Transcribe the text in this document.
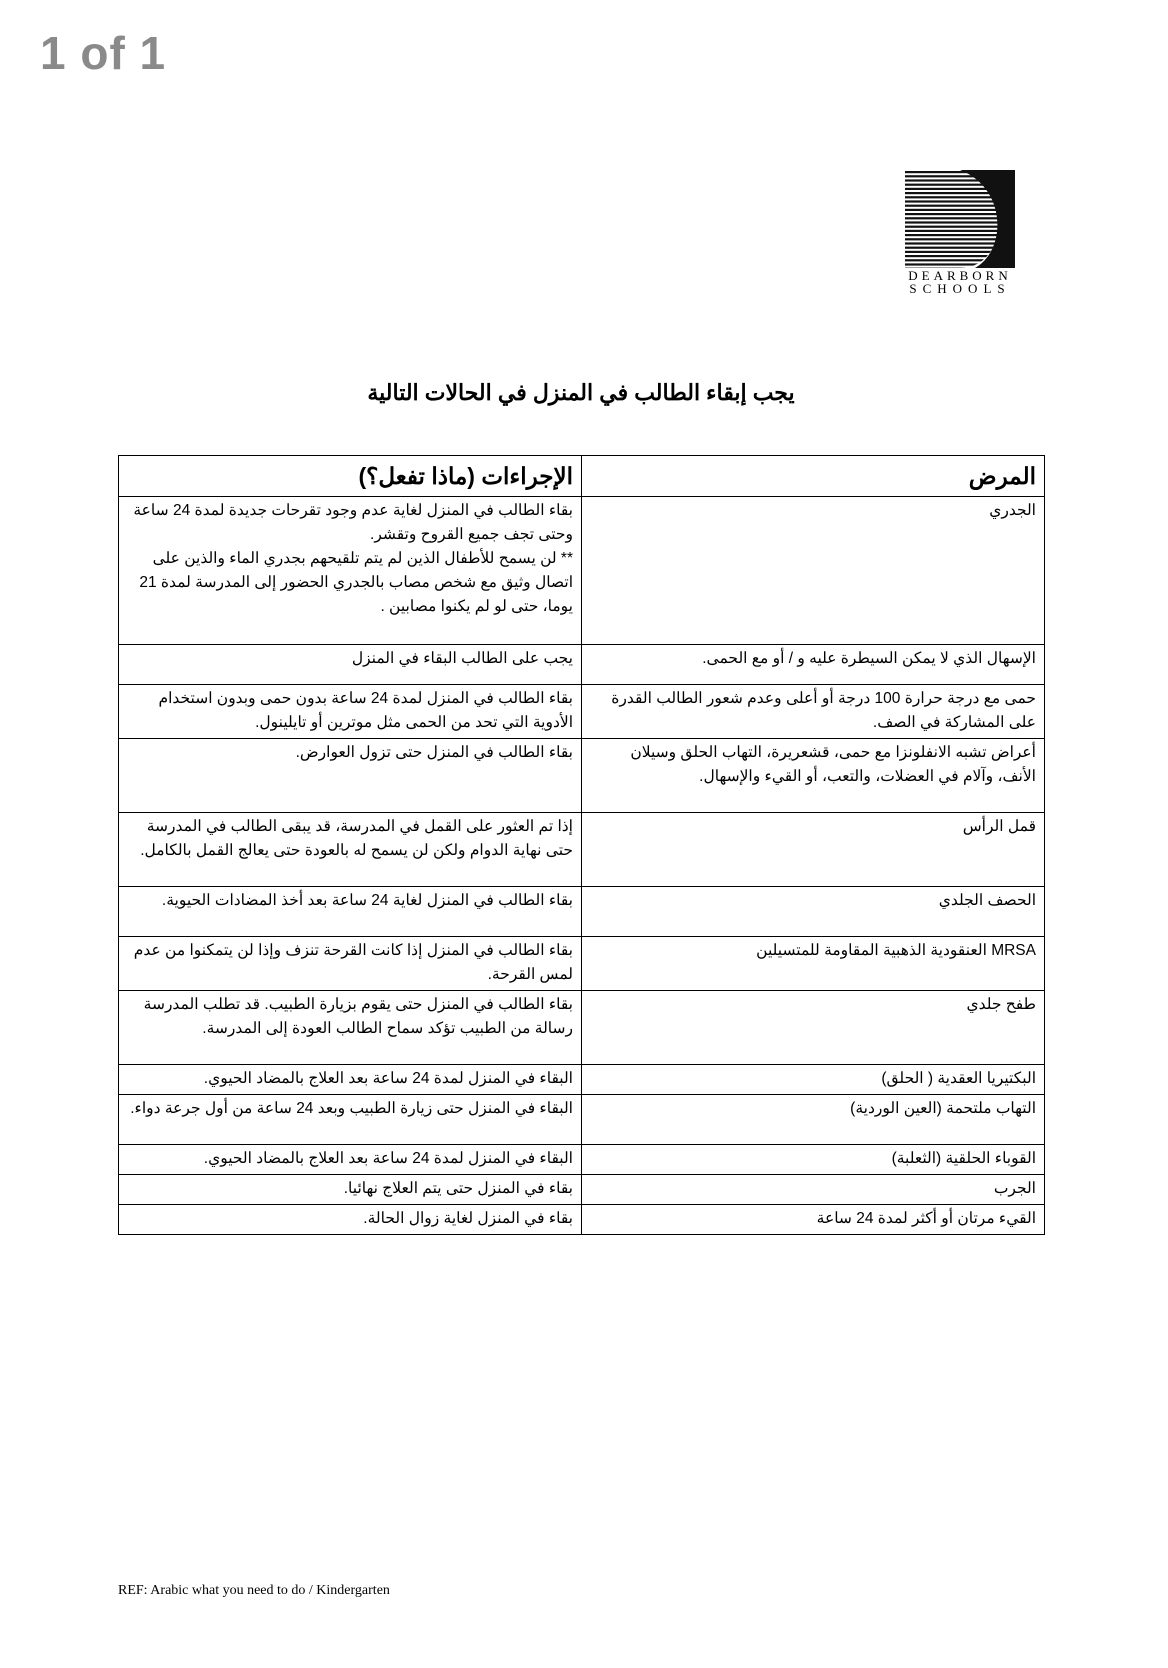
1 of 1
DEARBORN
SCHOOLS
يجب إبقاء الطالب في المنزل في الحالات التالية
المرض	الإجراءات (ماذا تفعل؟)
الجدري	بقاء الطالب في المنزل لغاية عدم وجود تقرحات جديدة لمدة 24 ساعة وحتى تجف جميع القروح وتقشر.
** لن يسمح للأطفال الذين لم يتم تلقيحهم بجدري الماء والذين على اتصال وثيق مع شخص مصاب بالجدري الحضور إلى المدرسة لمدة 21 يوما، حتى لو لم يكنوا مصابين .
الإسهال الذي لا يمكن السيطرة عليه و / أو مع الحمى.	يجب على الطالب البقاء في المنزل
حمى مع درجة حرارة 100 درجة أو أعلى وعدم شعور الطالب القدرة على المشاركة في الصف.	بقاء الطالب في المنزل لمدة 24 ساعة بدون حمى وبدون استخدام الأدوية التي تحد من الحمى مثل موترين أو تايلينول.
أعراض تشبه الانفلونزا مع حمى، قشعريرة، التهاب الحلق وسيلان الأنف، وآلام في العضلات، والتعب، أو القيء والإسهال.	بقاء الطالب في المنزل حتى تزول العوارض.
قمل الرأس	إذا تم العثور على القمل في المدرسة، قد يبقى الطالب في المدرسة حتى نهاية الدوام ولكن لن يسمح له بالعودة حتى يعالج القمل بالكامل.
الحصف الجلدي	بقاء الطالب في المنزل لغاية 24 ساعة بعد أخذ المضادات الحيوية.
MRSA العنقودية الذهبية المقاومة للمتسيلين	بقاء الطالب في المنزل إذا كانت القرحة تنزف وإذا لن يتمكنوا من عدم لمس القرحة.
طفح جلدي	بقاء الطالب في المنزل حتى يقوم بزيارة الطبيب. قد تطلب المدرسة رسالة من الطبيب تؤكد سماح الطالب العودة إلى المدرسة.
البكتيريا العقدية ( الحلق)	البقاء في المنزل لمدة 24 ساعة بعد العلاج بالمضاد الحيوي.
التهاب ملتحمة (العين الوردية)	البقاء في المنزل حتى زيارة الطبيب وبعد 24 ساعة من أول جرعة دواء.
القوباء الحلقية (الثعلبة)	البقاء في المنزل لمدة 24 ساعة بعد العلاج بالمضاد الحيوي.
الجرب	بقاء في المنزل حتى يتم العلاج نهائيا.
القيء مرتان أو أكثر لمدة 24 ساعة	بقاء في المنزل لغاية زوال الحالة.
REF: Arabic what you need to do / Kindergarten
